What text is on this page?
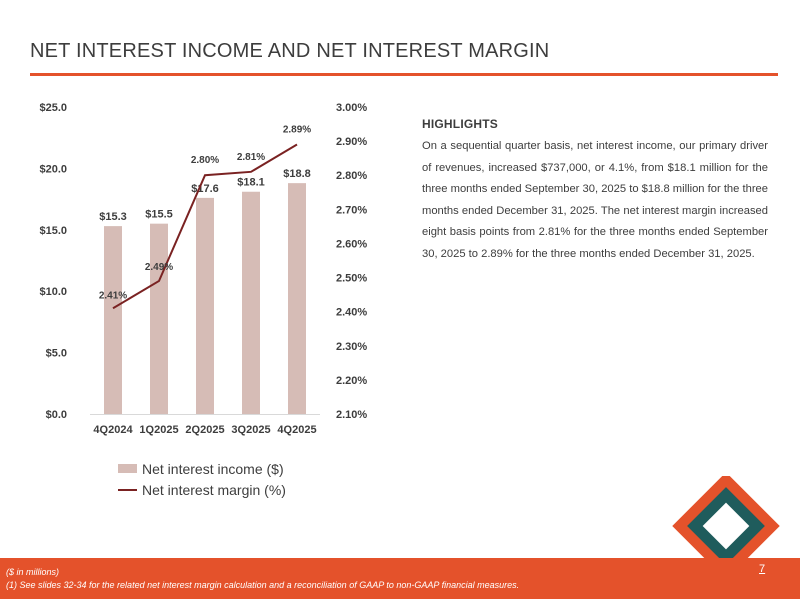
NET INTEREST INCOME AND NET INTEREST MARGIN
$0.0
$5.0
$10.0
$15.0
$20.0
$25.0
2.10%
2.20%
2.30%
2.40%
2.50%
2.60%
2.70%
2.80%
2.90%
3.00%
4Q2024 1Q2025 2Q2025 3Q2025 4Q2025
$15.3 $15.5
$17.6
$18.1
$18.8
2.41%
2.49%
2.80% 2.81%
2.89%
Net interest income ($)
Net interest margin (%)
HIGHLIGHTS
On a sequential quarter basis, net interest income, our primary driver of revenues, increased $737,000, or 4.1%, from $18.1 million for the three months ended September 30, 2025 to $18.8 million for the three months ended December 31, 2025. The net interest margin increased eight basis points from 2.81% for the three months ended September 30, 2025 to 2.89% for the three months ended December 31, 2025.
($ in millions)
(1) See slides 32-34 for the related net interest margin calculation and a reconciliation of GAAP to non-GAAP financial measures.
7
